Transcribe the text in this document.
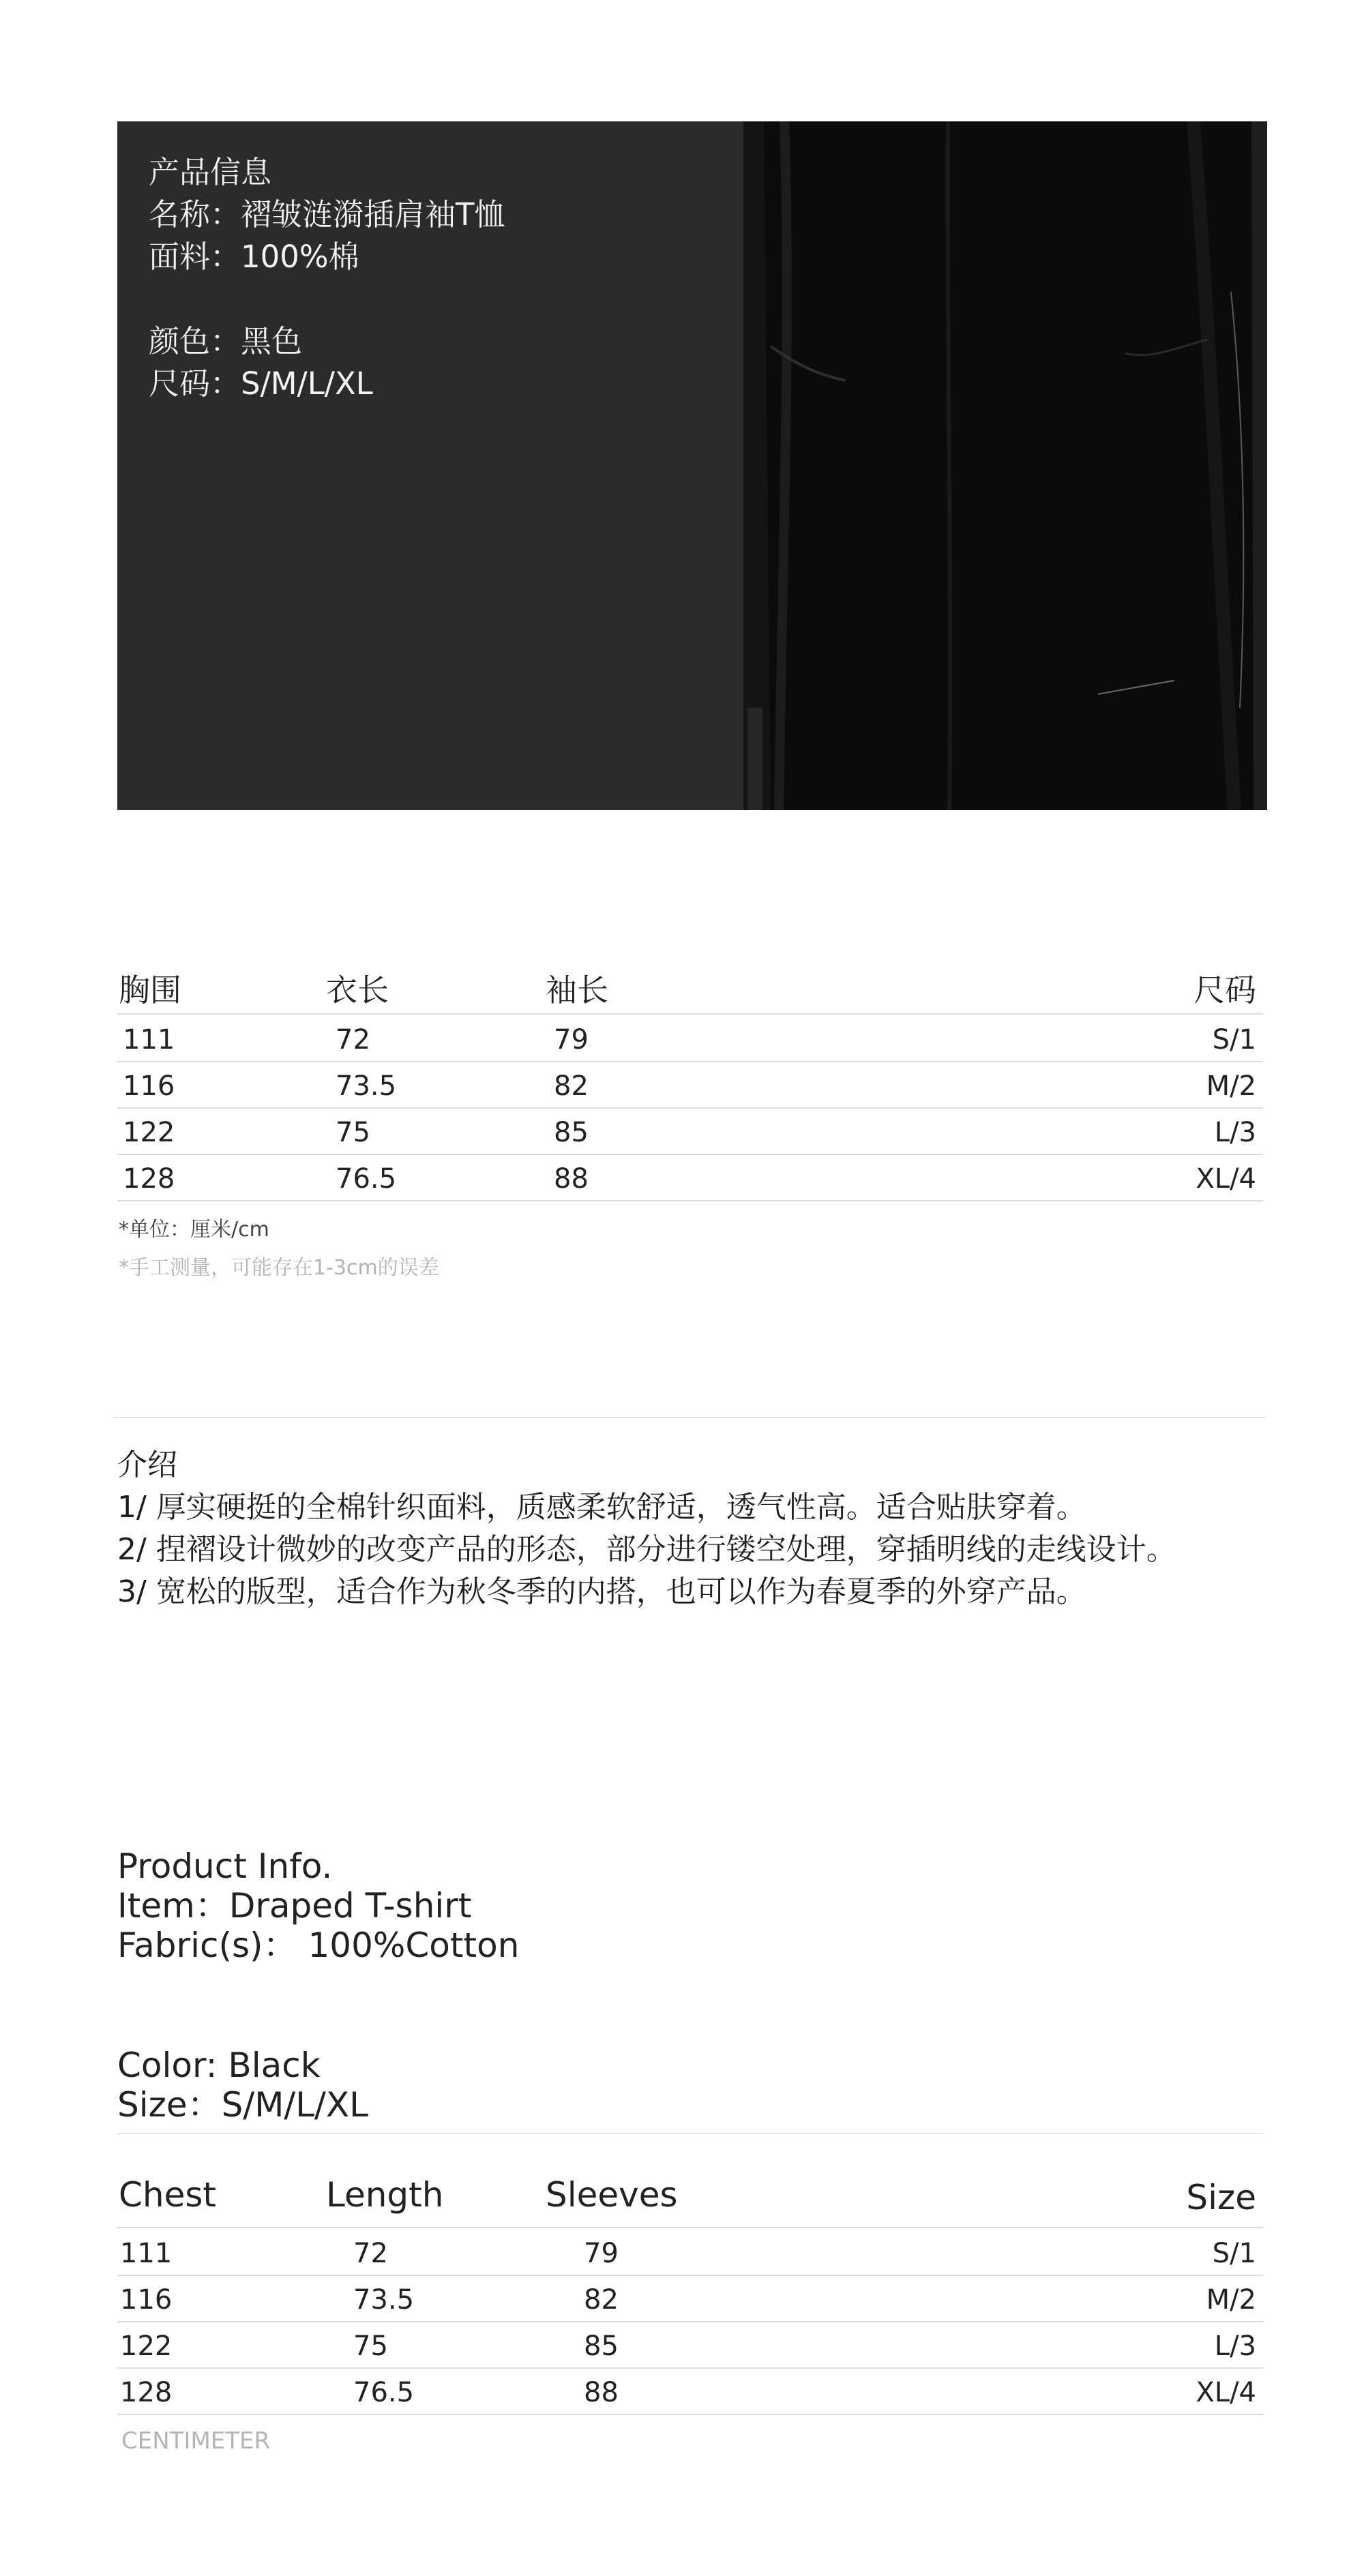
产品信息
名称：褶皱涟漪插肩袖T恤
面料：100%棉

颜色：黑色
尺码：S/M/L/XL
胸围	衣长	袖长	尺码
111	72	79	S/1
116	73.5	82	M/2
122	75	85	L/3
128	76.5	88	XL/4
*单位：厘米/cm
*手工测量，可能存在1-3cm的误差
介绍
1/ 厚实硬挺的全棉针织面料，质感柔软舒适，透气性高。适合贴肤穿着。
2/ 捏褶设计微妙的改变产品的形态，部分进行镂空处理，穿插明线的走线设计。
3/ 宽松的版型，适合作为秋冬季的内搭，也可以作为春夏季的外穿产品。
Product Info.
Item：Draped T-shirt
Fabric(s)： 100%Cotton
Color: Black
Size：S/M/L/XL
Chest	Length	Sleeves	Size
111	72	79	S/1
116	73.5	82	M/2
122	75	85	L/3
128	76.5	88	XL/4
CENTIMETER
